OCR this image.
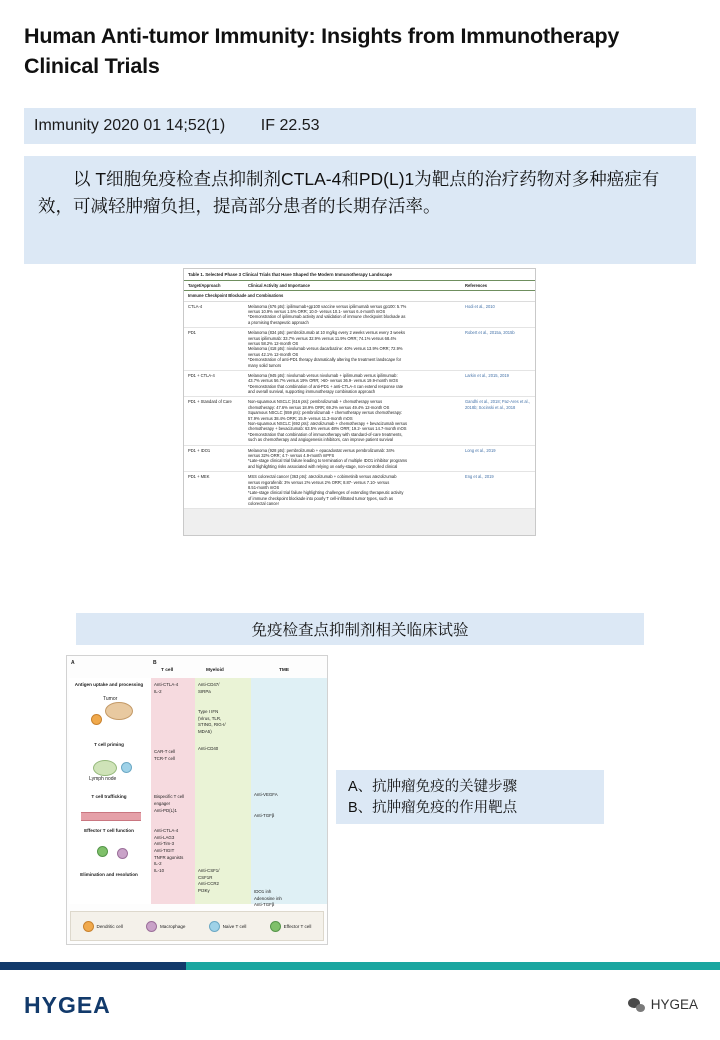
Human Anti-tumor Immunity: Insights from Immunotherapy Clinical Trials
Immunity 2020 01 14;52(1)        IF 22.53
以 T细胞免疫检查点抑制剂CTLA-4和PD(L)1为靶点的治疗药物对多种癌症有效，可减轻肿瘤负担，提高部分患者的长期存活率。
Table 1. Selected Phase 3 Clinical Trials that Have Shaped the Modern Immunotherapy Landscape
Target/Approach	Clinical Activity and Importance	References
Immune Checkpoint Blockade and Combinations
CTLA-4	Melanoma (676 pts): ipilimumab+gp100 vaccine versus ipilimumab versus gp100: 5.7%
versus 10.9% versus 1.5% ORR; 10.0- versus 10.1- versus 6.4-month mOS
*Demonstration of ipilimumab activity and validation of immune checkpoint blockade as
a promising therapeutic approach
Hodi et al., 2010
PD1	Melanoma (834 pts): pembrolizumab at 10 mg/kg every 2 weeks versus every 3 weeks
versus ipilimumab: 33.7% versus 32.9% versus 11.9% ORR; 74.1% versus 68.4%
versus 58.2% 12-month OS
Melanoma (418 pts): nivolumab versus dacarbazine: 40% versus 13.9% ORR; 72.9%
versus 42.1% 12-month OS
*Demonstration of anti-PD1 therapy dramatically altering the treatment landscape for
many solid tumors
Robert et al., 2015a, 2015b
PD1 + CTLA-4	Melanoma (945 pts): nivolumab versus nivolumab + ipilimumab versus ipilimumab:
43.7% versus 56.7% versus 19% ORR; >60- versus 36.9- versus 19.9-month mOS
*Demonstration that combination of anti-PD1 + anti-CTLA-4 can extend response rate
and overall survival, supporting immunotherapy combination approach
Larkin et al., 2015, 2019
PD1 + Standard of Care	Non-squamous NSCLC (616 pts): pembrolizumab + chemotherapy versus
chemotherapy: 47.6% versus 18.9% ORR; 69.2% versus 49.4% 12-month OS
Squamous NSCLC (559 pts): pembrolizumab + chemotherapy versus chemotherapy:
57.9% versus 38.4% ORR; 15.9- versus 11.3-month mOS
Non-squamous NSCLC (692 pts): atezolizumab + chemotherapy + bevacizumab versus
chemotherapy + bevacizumab: 63.5% versus 48% ORR; 19.2- versus 14.7-month mOS
*Demonstration that combination of immunotherapy with standard-of-care treatments,
such as chemotherapy and angiogenesis inhibitors, can improve patient survival
Gandhi et al., 2018; Paz-Ares et al., 2018b; Socinski et al., 2018
PD1 + IDO1	Melanoma (928 pts): pembrolizumab + epacadostat versus pembrolizumab: 34%
versus 32% ORR; 4.7- versus 4.9-month mPFS
*Late-stage clinical trial failure leading to termination of multiple IDO1 inhibitor programs
and highlighting risks associated with relying on early-stage, non-controlled clinical
Long et al., 2019
PD1 + MEK	MSS colorectal cancer (363 pts): atezolizumab + cobimetinib versus atezolizumab
versus regorafenib: 3% versus 2% versus 2% ORR; 8.87- versus 7.10- versus
8.51-month mOS
*Late-stage clinical trial failure highlighting challenges of extending therapeutic activity
of immune checkpoint blockade into poorly T cell-infiltrated tumor types, such as
colorectal cancer
Eng et al., 2019
免疫检查点抑制剂相关临床试验
A	B
T cell	Myeloid	TME
Antigen uptake and processing
Tumor
T cell priming
Lymph node
T cell trafficking
Effector T cell function
Elimination and resolution
Anti-CTLA-4
IL-2
CAR-T cell
TCR-T cell
Bispecific T cell engager
Anti-PD(L)1
Anti-CTLA-4
Anti-LAG3
Anti-Tim-3
Anti-TIGIT
TNFR agonists
IL-2
IL-10
Anti-CD47/
SIRPa
Type I IFN
(Virus, TLR,
STING, RIG-I/
MDA5)
Anti-CD40
Anti-CSF1/
CSF1R
Anti-CCR2
PI3Ky
Anti-VEGFA
Anti-TGFβ
IDO1 inh
Adenosine inh
Anti-TGFβ
Dendritic cell	Macrophage	Naive T cell	Effector T cell
A、抗肿瘤免疫的关键步骤
B、抗肿瘤免疫的作用靶点
HYGEA	HYGEA
